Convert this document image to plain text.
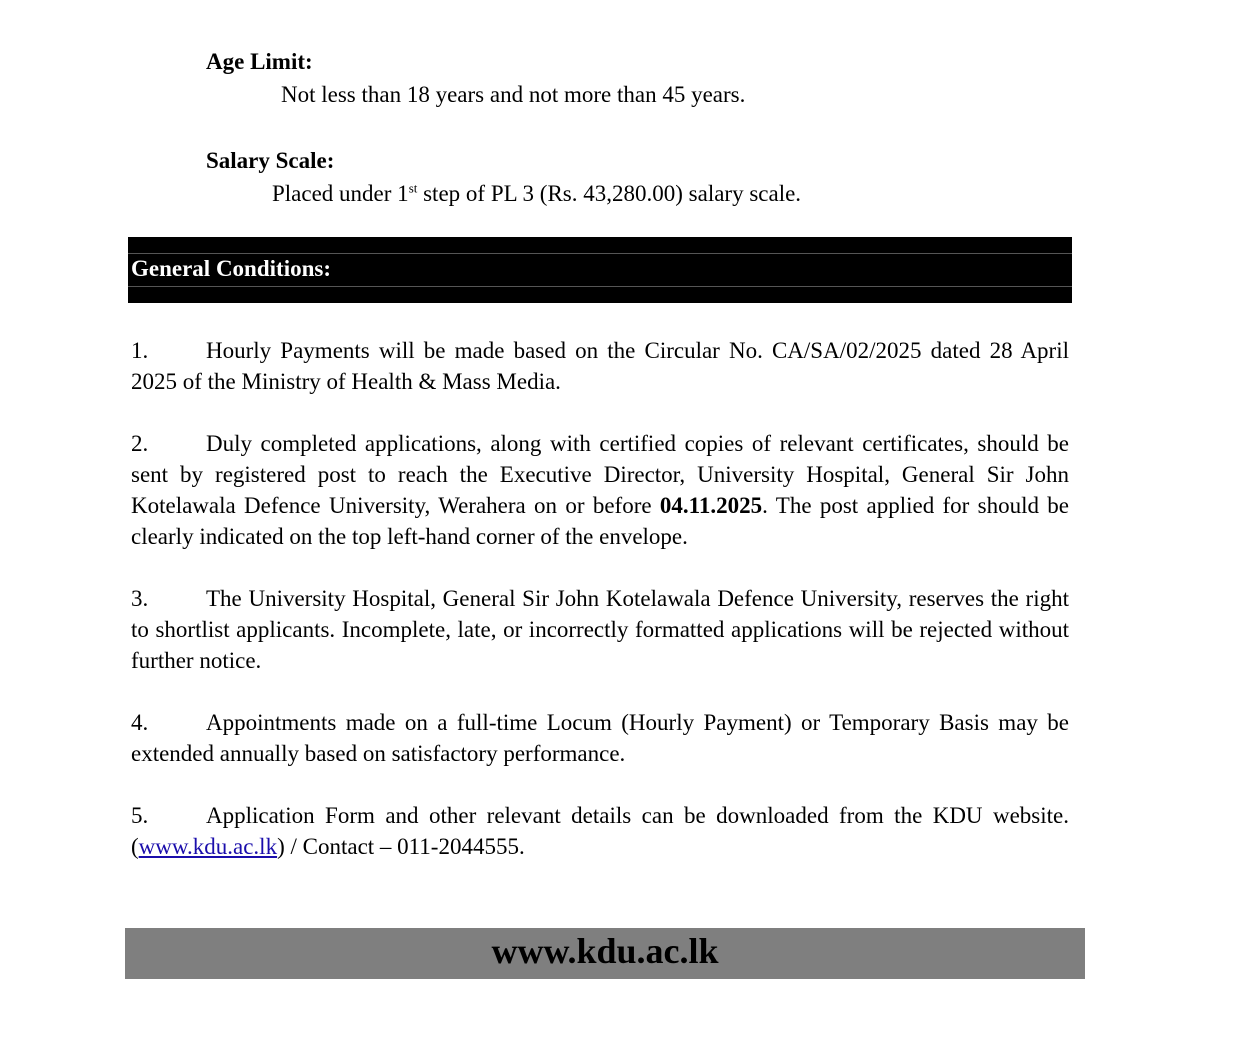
Age Limit:
Not less than 18 years and not more than 45 years.
Salary Scale:
Placed under 1st step of PL 3 (Rs. 43,280.00) salary scale.
General Conditions:
1.	Hourly Payments will be made based on the Circular No. CA/SA/02/2025 dated 28 April 2025 of the Ministry of Health & Mass Media.
2.	Duly completed applications, along with certified copies of relevant certificates, should be sent by registered post to reach the Executive Director, University Hospital, General Sir John Kotelawala Defence University, Werahera on or before 04.11.2025. The post applied for should be clearly indicated on the top left-hand corner of the envelope.
3.	The University Hospital, General Sir John Kotelawala Defence University, reserves the right to shortlist applicants. Incomplete, late, or incorrectly formatted applications will be rejected without further notice.
4.	Appointments made on a full-time Locum (Hourly Payment) or Temporary Basis may be extended annually based on satisfactory performance.
5.	Application Form and other relevant details can be downloaded from the KDU website. (www.kdu.ac.lk) / Contact – 011-2044555.
www.kdu.ac.lk
